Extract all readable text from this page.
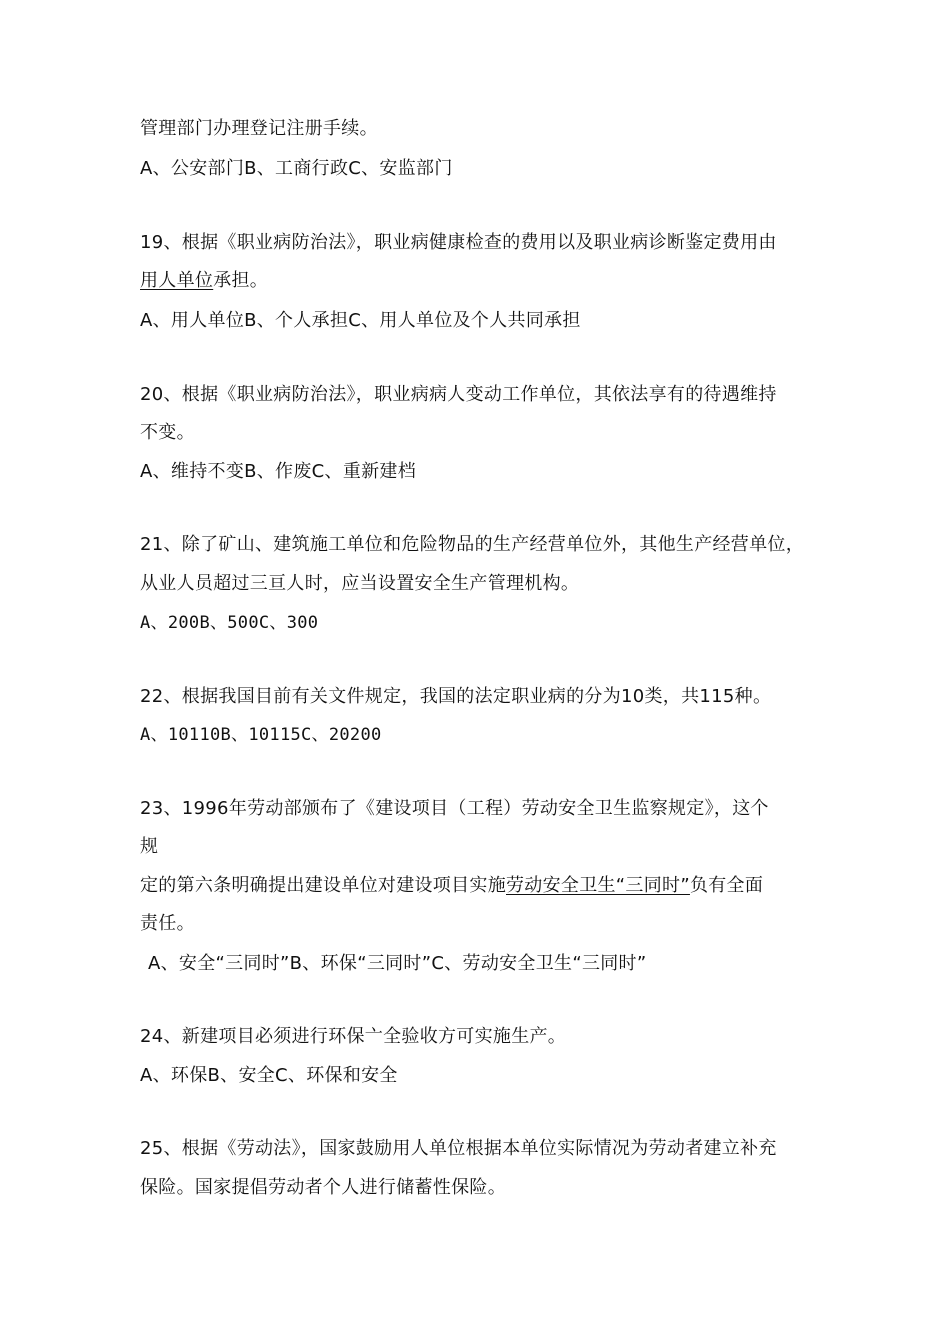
管理部门办理登记注册手续。
A、公安部门B、工商行政C、安监部门
19、根据《职业病防治法》，职业病健康检查的费用以及职业病诊断鉴定费用由
用人单位承担。
A、用人单位B、个人承担C、用人单位及个人共同承担
20、根据《职业病防治法》，职业病病人变动工作单位，其依法享有的待遇维持
不变。
A、维持不变B、作废C、重新建档
21、除了矿山、建筑施工单位和危险物品的生产经营单位外，其他生产经营单位，
从业人员超过三亘人时，应当设置安全生产管理机构。
A、200B、500C、300
22、根据我国目前有关文件规定，我国的法定职业病的分为10类，共115种。
A、10110B、10115C、20200
23、1996年劳动部颁布了《建设项目（工程）劳动安全卫生监察规定》，这个
规
定的第六条明确提出建设单位对建设项目实施劳动安全卫生“三同时”负有全面
责任。
A、安全“三同时”B、环保“三同时”C、劳动安全卫生“三同时”
24、新建项目必须进行环保亠全验收方可实施生产。
A、环保B、安全C、环保和安全
25、根据《劳动法》，国家鼓励用人单位根据本单位实际情况为劳动者建立补充
保险。国家提倡劳动者个人进行储蓄性保险。
